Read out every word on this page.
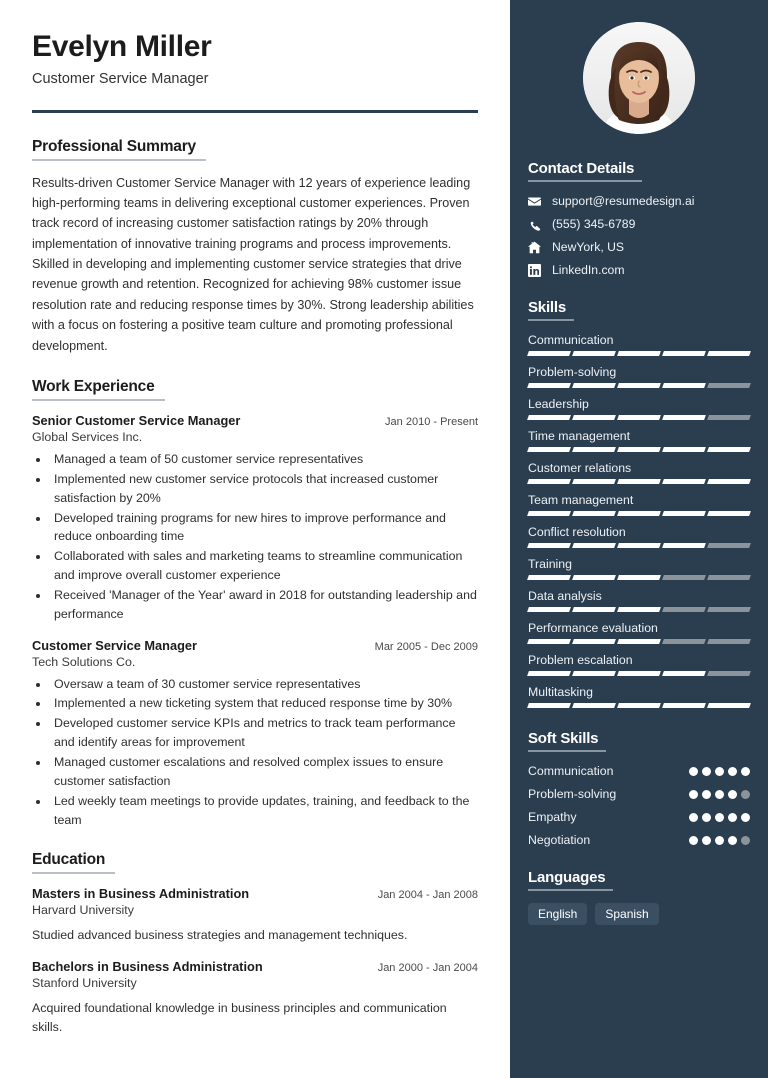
Evelyn Miller
Customer Service Manager
Professional Summary
Results-driven Customer Service Manager with 12 years of experience leading high-performing teams in delivering exceptional customer experiences. Proven track record of increasing customer satisfaction ratings by 20% through implementation of innovative training programs and process improvements. Skilled in developing and implementing customer service strategies that drive revenue growth and retention. Recognized for achieving 98% customer issue resolution rate and reducing response times by 30%. Strong leadership abilities with a focus on fostering a positive team culture and promoting professional development.
Work Experience
Senior Customer Service Manager	Jan 2010 - Present
Global Services Inc.
• Managed a team of 50 customer service representatives
• Implemented new customer service protocols that increased customer satisfaction by 20%
• Developed training programs for new hires to improve performance and reduce onboarding time
• Collaborated with sales and marketing teams to streamline communication and improve overall customer experience
• Received 'Manager of the Year' award in 2018 for outstanding leadership and performance
Customer Service Manager	Mar 2005 - Dec 2009
Tech Solutions Co.
• Oversaw a team of 30 customer service representatives
• Implemented a new ticketing system that reduced response time by 30%
• Developed customer service KPIs and metrics to track team performance and identify areas for improvement
• Managed customer escalations and resolved complex issues to ensure customer satisfaction
• Led weekly team meetings to provide updates, training, and feedback to the team
Education
Masters in Business Administration	Jan 2004 - Jan 2008
Harvard University
Studied advanced business strategies and management techniques.
Bachelors in Business Administration	Jan 2000 - Jan 2004
Stanford University
Acquired foundational knowledge in business principles and communication skills.
Contact Details
support@resumedesign.ai
(555) 345-6789
NewYork, US
LinkedIn.com
Skills
Communication
Problem-solving
Leadership
Time management
Customer relations
Team management
Conflict resolution
Training
Data analysis
Performance evaluation
Problem escalation
Multitasking
Soft Skills
Communication
Problem-solving
Empathy
Negotiation
Languages
English	Spanish
